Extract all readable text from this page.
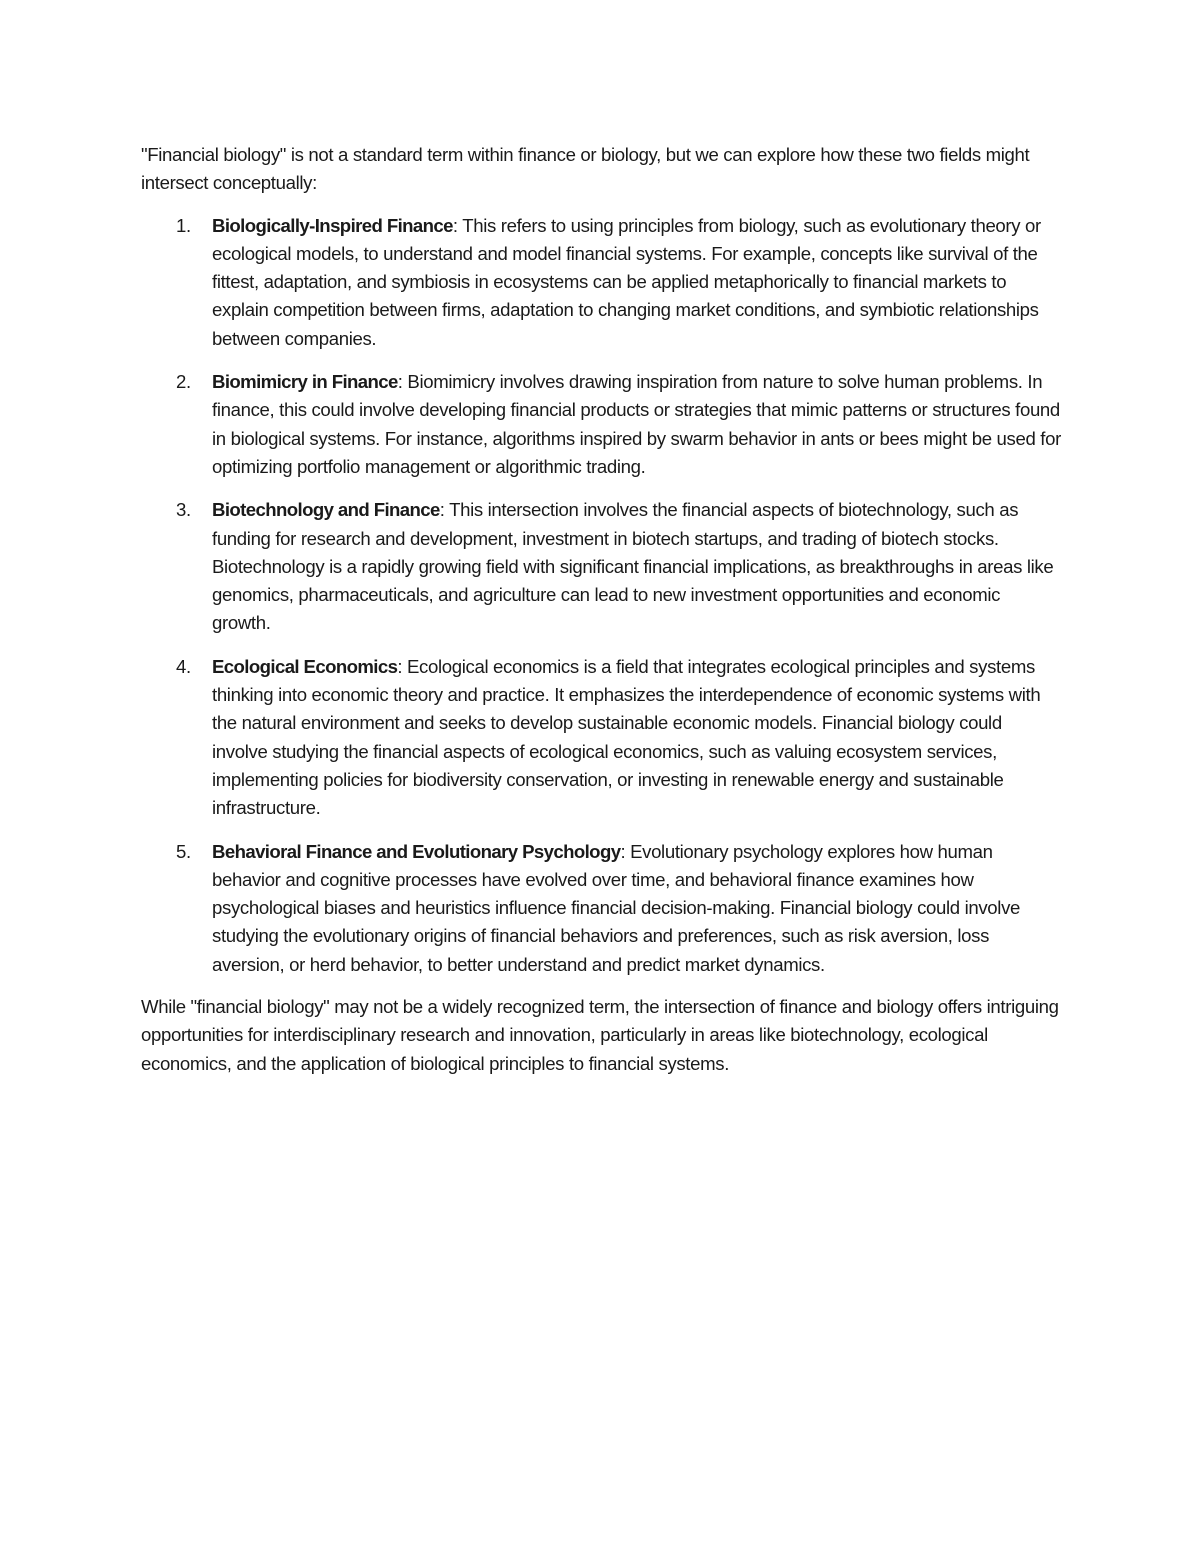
"Financial biology" is not a standard term within finance or biology, but we can explore how these two fields might intersect conceptually:

1. Biologically-Inspired Finance: This refers to using principles from biology, such as evolutionary theory or ecological models, to understand and model financial systems. For example, concepts like survival of the fittest, adaptation, and symbiosis in ecosystems can be applied metaphorically to financial markets to explain competition between firms, adaptation to changing market conditions, and symbiotic relationships between companies.
2. Biomimicry in Finance: Biomimicry involves drawing inspiration from nature to solve human problems. In finance, this could involve developing financial products or strategies that mimic patterns or structures found in biological systems. For instance, algorithms inspired by swarm behavior in ants or bees might be used for optimizing portfolio management or algorithmic trading.
3. Biotechnology and Finance: This intersection involves the financial aspects of biotechnology, such as funding for research and development, investment in biotech startups, and trading of biotech stocks. Biotechnology is a rapidly growing field with significant financial implications, as breakthroughs in areas like genomics, pharmaceuticals, and agriculture can lead to new investment opportunities and economic growth.
4. Ecological Economics: Ecological economics is a field that integrates ecological principles and systems thinking into economic theory and practice. It emphasizes the interdependence of economic systems with the natural environment and seeks to develop sustainable economic models. Financial biology could involve studying the financial aspects of ecological economics, such as valuing ecosystem services, implementing policies for biodiversity conservation, or investing in renewable energy and sustainable infrastructure.
5. Behavioral Finance and Evolutionary Psychology: Evolutionary psychology explores how human behavior and cognitive processes have evolved over time, and behavioral finance examines how psychological biases and heuristics influence financial decision-making. Financial biology could involve studying the evolutionary origins of financial behaviors and preferences, such as risk aversion, loss aversion, or herd behavior, to better understand and predict market dynamics.

While "financial biology" may not be a widely recognized term, the intersection of finance and biology offers intriguing opportunities for interdisciplinary research and innovation, particularly in areas like biotechnology, ecological economics, and the application of biological principles to financial systems.
